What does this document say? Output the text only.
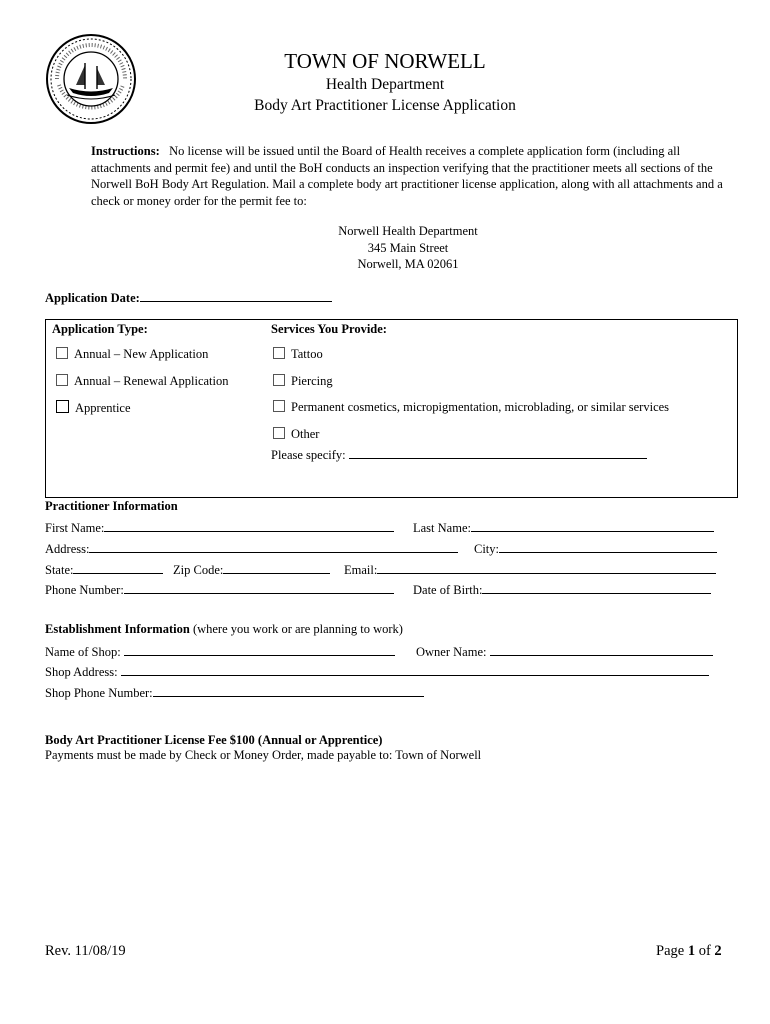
TOWN OF NORWELL
Health Department
Body Art Practitioner License Application
Instructions: No license will be issued until the Board of Health receives a complete application form (including all attachments and permit fee) and until the BoH conducts an inspection verifying that the practitioner meets all sections of the Norwell BoH Body Art Regulation. Mail a complete body art practitioner license application, along with all attachments and a check or money order for the permit fee to:
Norwell Health Department
345 Main Street
Norwell, MA 02061
Application Date:
Application Type:
Annual – New Application
Annual – Renewal Application
Apprentice
Services You Provide:
Tattoo
Piercing
Permanent cosmetics, micropigmentation, microblading, or similar services
Other
Please specify:
Practitioner Information
First Name:	Last Name:
Address:	City:
State:	Zip Code:	Email:
Phone Number:	Date of Birth:
Establishment Information (where you work or are planning to work)
Name of Shop:	Owner Name:
Shop Address:
Shop Phone Number:
Body Art Practitioner License Fee $100 (Annual or Apprentice)
Payments must be made by Check or Money Order, made payable to: Town of Norwell
Rev. 11/08/19	Page 1 of 2
